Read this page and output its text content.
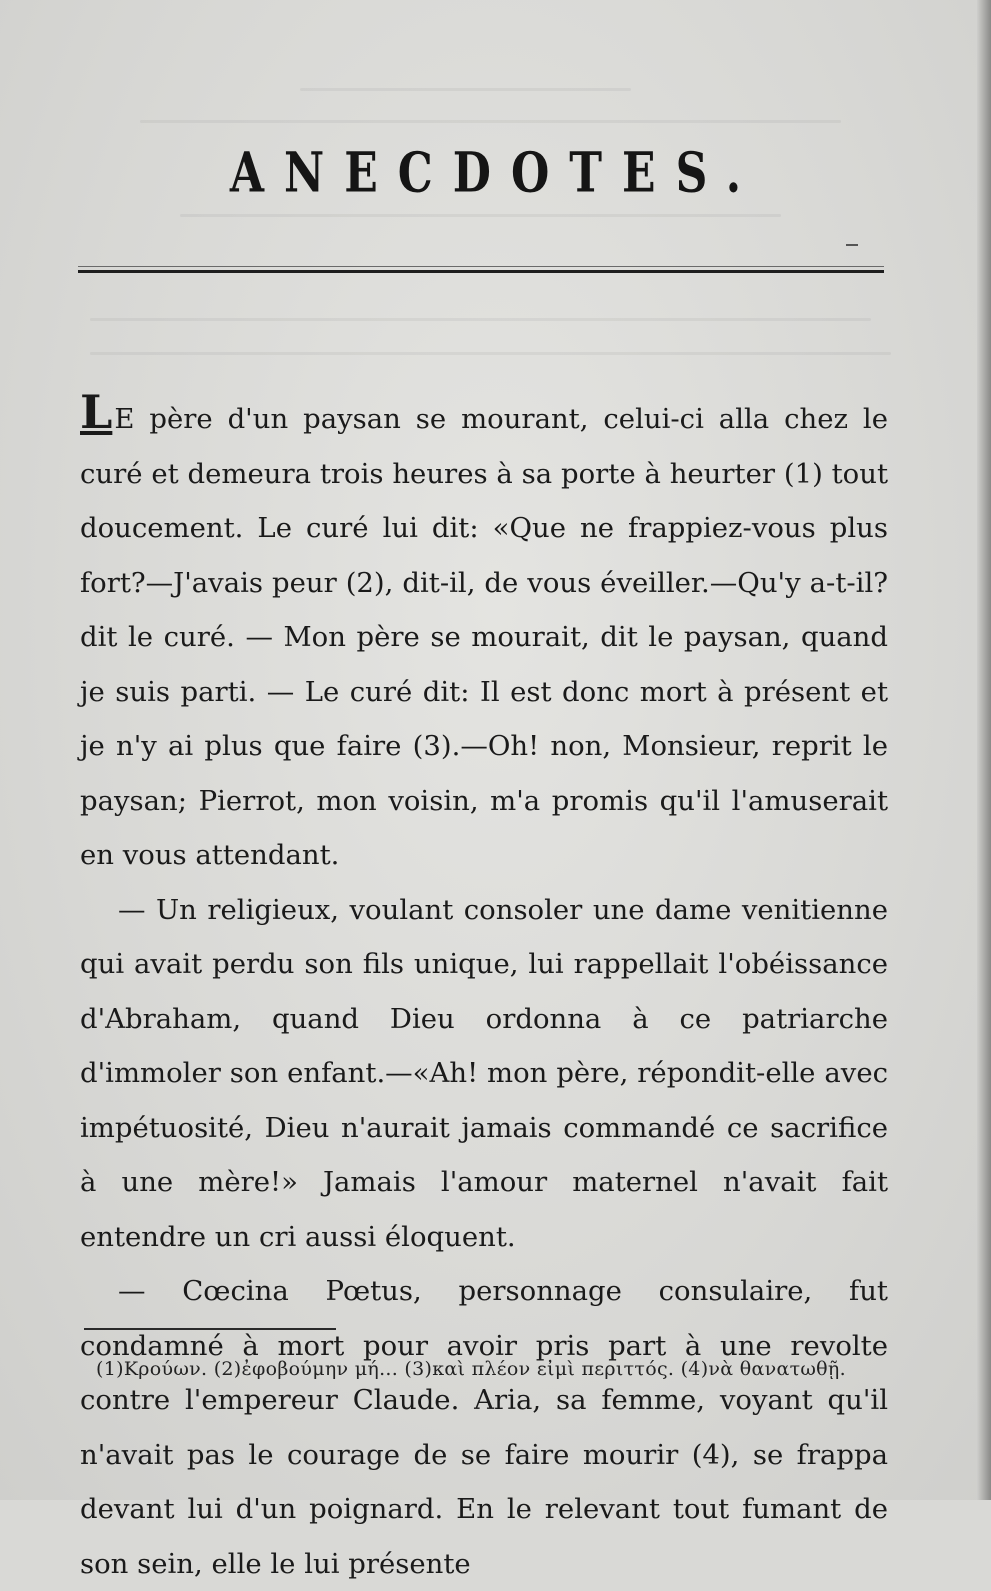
ANECDOTES.

LE père d'un paysan se mourant, celui-ci alla chez le curé et demeura trois heures à sa porte à heurter (1) tout doucement. Le curé lui dit: «Que ne frappiez-vous plus fort?—J'avais peur (2), dit-il, de vous éveiller.—Qu'y a-t-il? dit le curé. — Mon père se mourait, dit le paysan, quand je suis parti. — Le curé dit: Il est donc mort à présent et je n'y ai plus que faire (3).—Oh! non, Monsieur, reprit le paysan; Pierrot, mon voisin, m'a promis qu'il l'amuserait en vous attendant.

— Un religieux, voulant consoler une dame venitienne qui avait perdu son fils unique, lui rappellait l'obéissance d'Abraham, quand Dieu ordonna à ce patriarche d'immoler son enfant.—«Ah! mon père, répondit-elle avec impétuosité, Dieu n'aurait jamais commandé ce sacrifice à une mère!» Jamais l'amour maternel n'avait fait entendre un cri aussi éloquent.

— Cœcina Pœtus, personnage consulaire, fut condamné à mort pour avoir pris part à une revolte contre l'empereur Claude. Aria, sa femme, voyant qu'il n'avait pas le courage de se faire mourir (4), se frappa devant lui d'un poignard. En le relevant tout fumant de son sein, elle le lui présente

(1)Κρούων. (2)ἐφοβούμην μή... (3)καὶ πλέον εἰμὶ περιττός. (4)νὰ θανατωθῇ.
